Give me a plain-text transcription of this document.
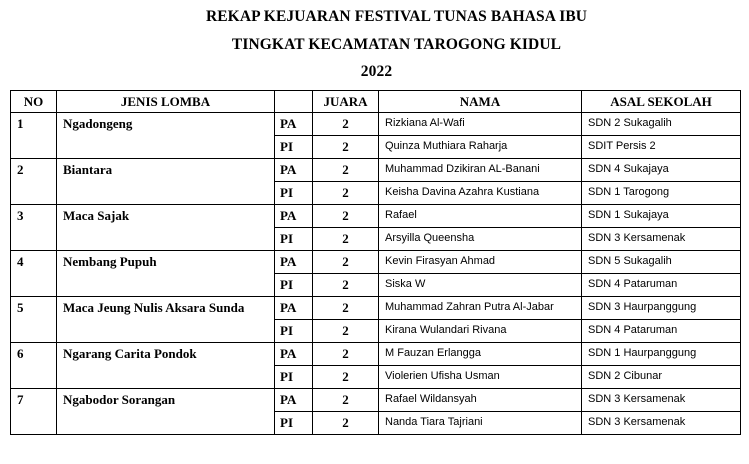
REKAP KEJUARAN FESTIVAL TUNAS BAHASA IBU
TINGKAT KECAMATAN TAROGONG KIDUL
2022
NO	JENIS LOMBA		JUARA	NAMA	ASAL SEKOLAH
1	Ngadongeng	PA	2	Rizkiana Al-Wafi	SDN 2 Sukagalih
		PI	2	Quinza Muthiara Raharja	SDIT Persis 2
2	Biantara	PA	2	Muhammad Dzikiran AL-Banani	SDN 4 Sukajaya
		PI	2	Keisha Davina Azahra Kustiana	SDN 1 Tarogong
3	Maca Sajak	PA	2	Rafael	SDN 1 Sukajaya
		PI	2	Arsyilla Queensha	SDN 3 Kersamenak
4	Nembang Pupuh	PA	2	Kevin Firasyan Ahmad	SDN 5 Sukagalih
		PI	2	Siska W	SDN 4 Pataruman
5	Maca Jeung Nulis Aksara Sunda	PA	2	Muhammad Zahran Putra Al-Jabar	SDN 3 Haurpanggung
		PI	2	Kirana Wulandari Rivana	SDN 4 Pataruman
6	Ngarang Carita Pondok	PA	2	M Fauzan Erlangga	SDN 1 Haurpanggung
		PI	2	Violerien Ufisha Usman	SDN 2 Cibunar
7	Ngabodor Sorangan	PA	2	Rafael Wildansyah	SDN 3 Kersamenak
		PI	2	Nanda Tiara Tajriani	SDN 3 Kersamenak
